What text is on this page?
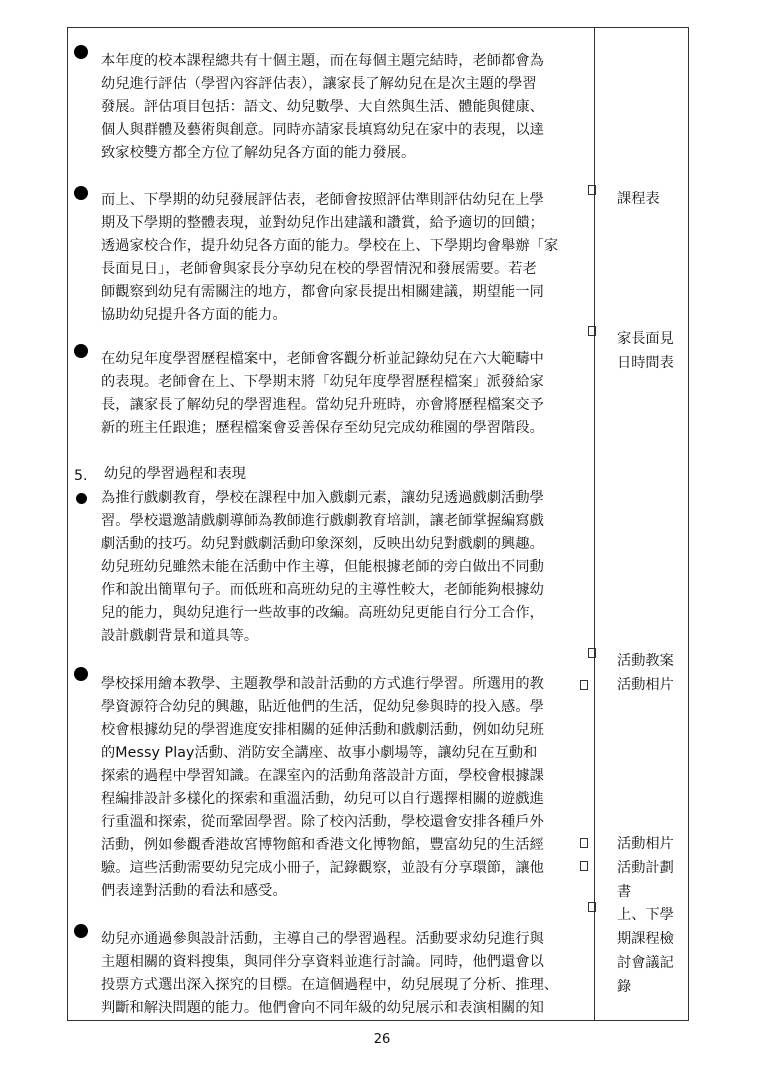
本年度的校本課程總共有十個主題，而在每個主題完結時，老師都會為
幼兒進行評估（學習內容評估表），讓家長了解幼兒在是次主題的學習
發展。評估項目包括：語文、幼兒數學、大自然與生活、體能與健康、
個人與群體及藝術與創意。同時亦請家長填寫幼兒在家中的表現，以達
致家校雙方都全方位了解幼兒各方面的能力發展。

而上、下學期的幼兒發展評估表，老師會按照評估準則評估幼兒在上學
期及下學期的整體表現，並對幼兒作出建議和讚賞，給予適切的回饋；
透過家校合作，提升幼兒各方面的能力。學校在上、下學期均會舉辦「家
長面見日」，老師會與家長分享幼兒在校的學習情況和發展需要。若老
師觀察到幼兒有需關注的地方，都會向家長提出相關建議，期望能一同
協助幼兒提升各方面的能力。

在幼兒年度學習歷程檔案中，老師會客觀分析並記錄幼兒在六大範疇中
的表現。老師會在上、下學期末將「幼兒年度學習歷程檔案」派發給家
長，讓家長了解幼兒的學習進程。當幼兒升班時，亦會將歷程檔案交予
新的班主任跟進；歷程檔案會妥善保存至幼兒完成幼稚園的學習階段。

5. 幼兒的學習過程和表現

為推行戲劇教育，學校在課程中加入戲劇元素，讓幼兒透過戲劇活動學
習。學校還邀請戲劇導師為教師進行戲劇教育培訓，讓老師掌握編寫戲
劇活動的技巧。幼兒對戲劇活動印象深刻，反映出幼兒對戲劇的興趣。
幼兒班幼兒雖然未能在活動中作主導，但能根據老師的旁白做出不同動
作和說出簡單句子。而低班和高班幼兒的主導性較大，老師能夠根據幼
兒的能力，與幼兒進行一些故事的改編。高班幼兒更能自行分工合作，
設計戲劇背景和道具等。

學校採用繪本教學、主題教學和設計活動的方式進行學習。所選用的教
學資源符合幼兒的興趣，貼近他們的生活，促幼兒參與時的投入感。學
校會根據幼兒的學習進度安排相關的延伸活動和戲劇活動，例如幼兒班
的Messy Play活動、消防安全講座、故事小劇場等，讓幼兒在互動和
探索的過程中學習知識。在課室內的活動角落設計方面，學校會根據課
程編排設計多樣化的探索和重溫活動，幼兒可以自行選擇相關的遊戲進
行重溫和探索，從而鞏固學習。除了校內活動，學校還會安排各種戶外
活動，例如參觀香港故宮博物館和香港文化博物館，豐富幼兒的生活經
驗。這些活動需要幼兒完成小冊子，記錄觀察，並設有分享環節，讓他
們表達對活動的看法和感受。

幼兒亦通過參與設計活動，主導自己的學習過程。活動要求幼兒進行與
主題相關的資料搜集，與同伴分享資料並進行討論。同時，他們還會以
投票方式選出深入探究的目標。在這個過程中，幼兒展現了分析、推理、
判斷和解決問題的能力。他們會向不同年級的幼兒展示和表演相關的知

課程表

家長面見
日時間表

活動教案
活動相片

活動相片
活動計劃
書

上、下學
期課程檢
討會議記
錄

26
